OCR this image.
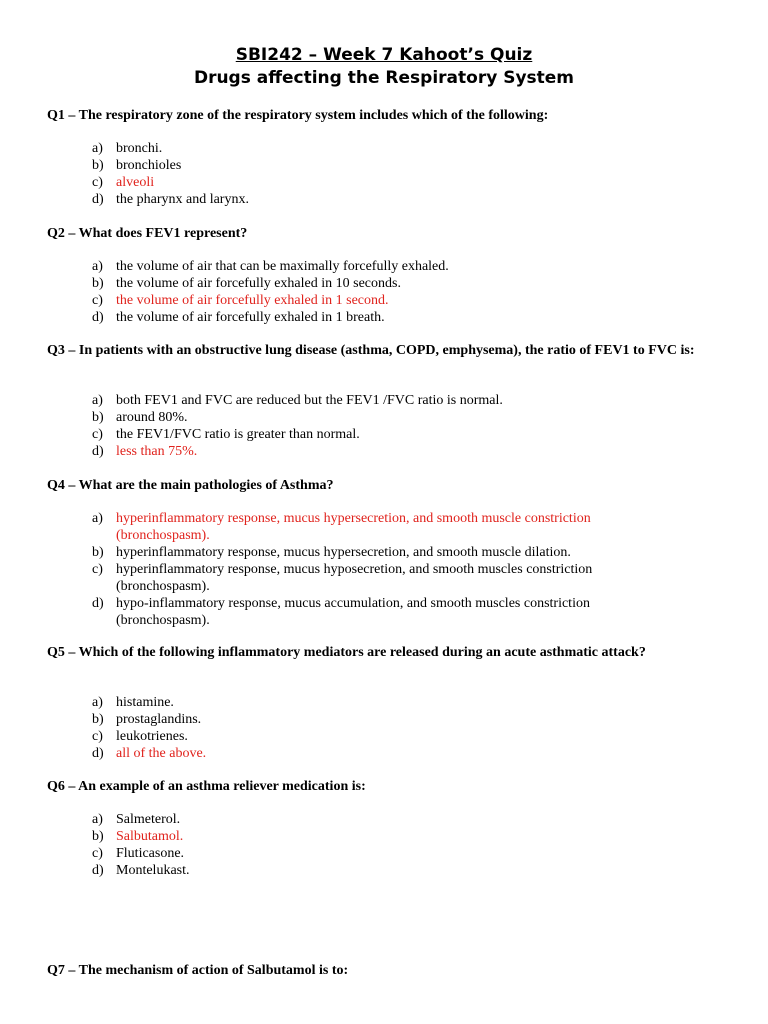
SBI242 – Week 7 Kahoot’s Quiz
Drugs affecting the Respiratory System
Q1 – The respiratory zone of the respiratory system includes which of the following:
a) bronchi.
b) bronchioles
c) alveoli
d) the pharynx and larynx.
Q2 – What does FEV1 represent?
a) the volume of air that can be maximally forcefully exhaled.
b) the volume of air forcefully exhaled in 10 seconds.
c) the volume of air forcefully exhaled in 1 second.
d) the volume of air forcefully exhaled in 1 breath.
Q3 – In patients with an obstructive lung disease (asthma, COPD, emphysema), the ratio of FEV1 to FVC is:
a) both FEV1 and FVC are reduced but the FEV1 /FVC ratio is normal.
b) around 80%.
c) the FEV1/FVC ratio is greater than normal.
d) less than 75%.
Q4 – What are the main pathologies of Asthma?
a) hyperinflammatory response, mucus hypersecretion, and smooth muscle constriction (bronchospasm).
b) hyperinflammatory response, mucus hypersecretion, and smooth muscle dilation.
c) hyperinflammatory response, mucus hyposecretion, and smooth muscles constriction (bronchospasm).
d) hypo-inflammatory response, mucus accumulation, and smooth muscles constriction (bronchospasm).
Q5 – Which of the following inflammatory mediators are released during an acute asthmatic attack?
a) histamine.
b) prostaglandins.
c) leukotrienes.
d) all of the above.
Q6 – An example of an asthma reliever medication is:
a) Salmeterol.
b) Salbutamol.
c) Fluticasone.
d) Montelukast.
Q7 – The mechanism of action of Salbutamol is to:
